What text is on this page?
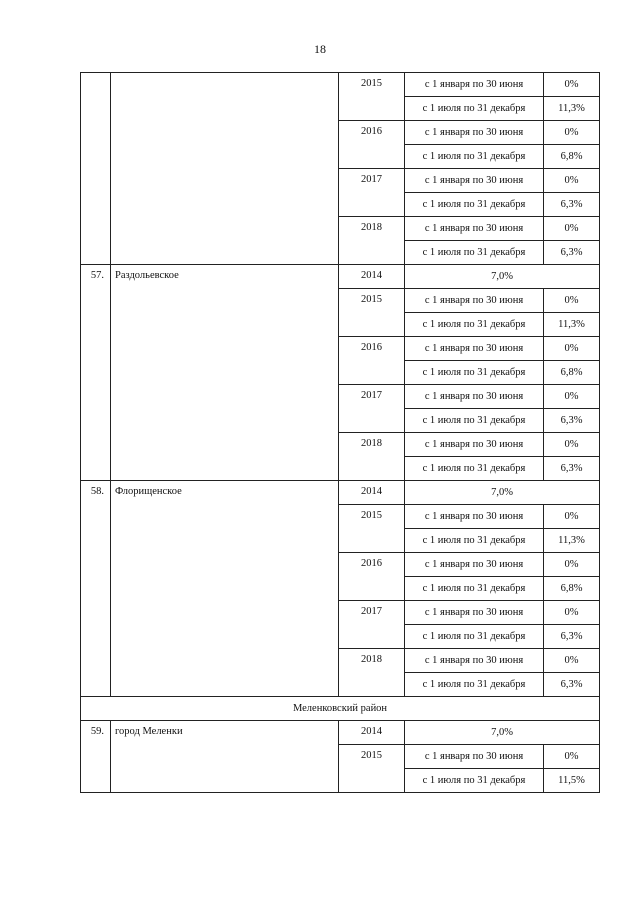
18
		2015	с 1 января по 30 июня	0%
			с 1 июля по 31 декабря	11,3%
		2016	с 1 января по 30 июня	0%
			с 1 июля по 31 декабря	6,8%
		2017	с 1 января по 30 июня	0%
			с 1 июля по 31 декабря	6,3%
		2018	с 1 января по 30 июня	0%
			с 1 июля по 31 декабря	6,3%
57.	Раздольевское	2014	7,0%	
		2015	с 1 января по 30 июня	0%
			с 1 июля по 31 декабря	11,3%
		2016	с 1 января по 30 июня	0%
			с 1 июля по 31 декабря	6,8%
		2017	с 1 января по 30 июня	0%
			с 1 июля по 31 декабря	6,3%
		2018	с 1 января по 30 июня	0%
			с 1 июля по 31 декабря	6,3%
58.	Флорищенское	2014	7,0%	
		2015	с 1 января по 30 июня	0%
			с 1 июля по 31 декабря	11,3%
		2016	с 1 января по 30 июня	0%
			с 1 июля по 31 декабря	6,8%
		2017	с 1 января по 30 июня	0%
			с 1 июля по 31 декабря	6,3%
		2018	с 1 января по 30 июня	0%
			с 1 июля по 31 декабря	6,3%
Меленковский район				
59.	город Меленки	2014	7,0%	
		2015	с 1 января по 30 июня	0%
			с 1 июля по 31 декабря	11,5%
